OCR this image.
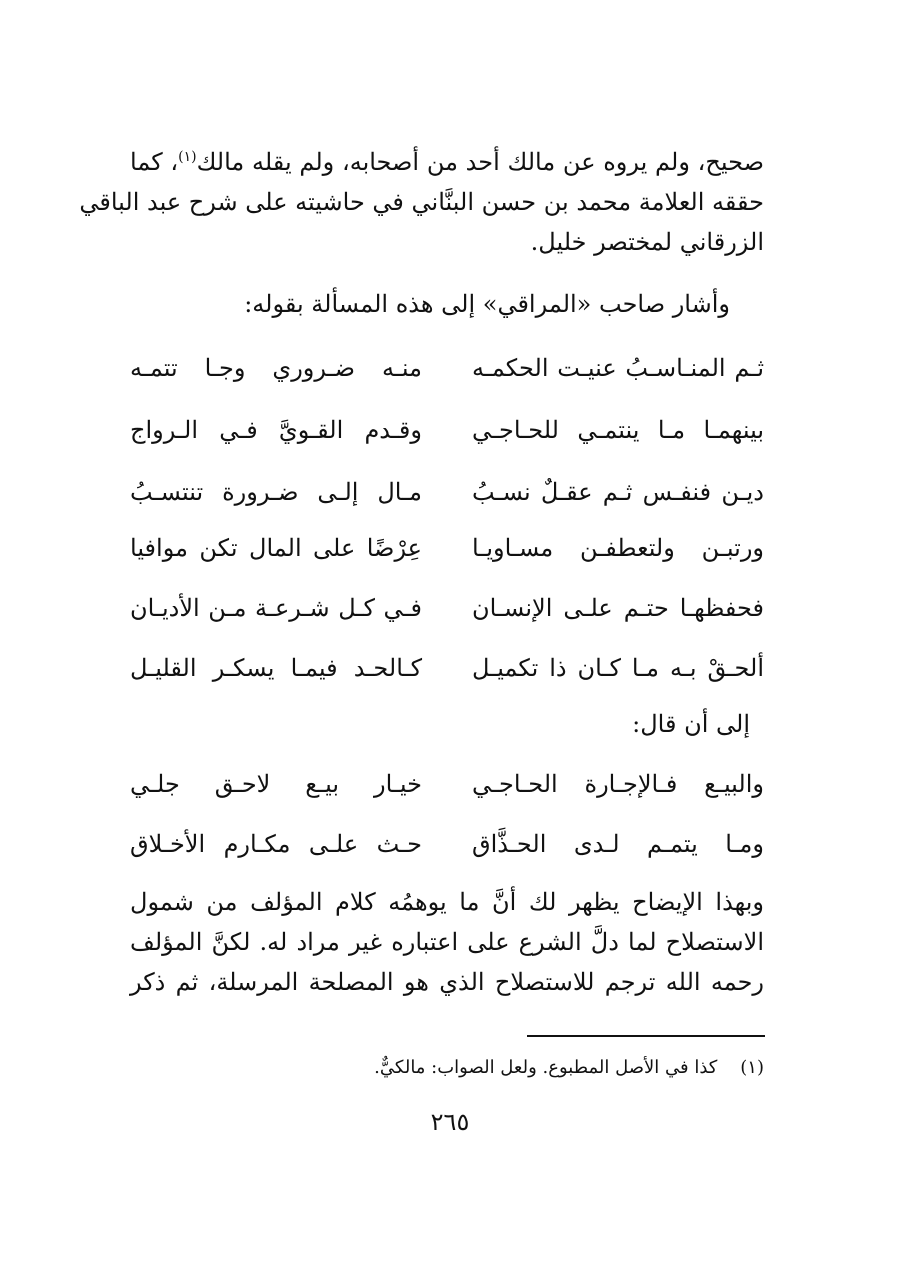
صحيح، ولم يروه عن مالك أحد من أصحابه، ولم يقله مالك$^{(١)}$، كما
حققه العلامة محمد بن حسن البنَّاني في حاشيته على شرح عبد الباقي
الزرقاني لمختصر خليل.
وأشار صاحب «المراقي» إلى هذه المسألة بقوله:
ثـم المنـاسـبُ عنيـت الحكمـه
منـه ضـروري وجـا تتمـه
بينهمـا مـا ينتمـي للحـاجـي
وقـدم القـويَّ فـي الـرواج
ديـن فنفـس ثـم عقـلٌ نسـبُ
مـال إلـى ضـرورة تنتسـبُ
ورتبـن ولتعطفـن مسـاويـا
عِرْضًا على المال تكن موافيا
فحفظهـا حتـم علـى الإنسـان
فـي كـل شـرعـة مـن الأديـان
ألحـقْ بـه مـا كـان ذا تكميـل
كـالحـد فيمـا يسكـر القليـل
إلى أن قال:
والبيـع فـالإجـارة الحـاجـي
خيـار بيـع لاحـق جلـي
ومـا يتمـم لـدى الحـذَّاق
حـث علـى مكـارم الأخـلاق
وبهذا الإيضاح يظهر لك أنَّ ما يوهمُه كلام المؤلف من شمول
الاستصلاح لما دلَّ الشرع على اعتباره غير مراد له. لكنَّ المؤلف
رحمه الله ترجم للاستصلاح الذي هو المصلحة المرسلة، ثم ذكر
(١)    كذا في الأصل المطبوع. ولعل الصواب: مالكيٌّ.
٢٦٥
